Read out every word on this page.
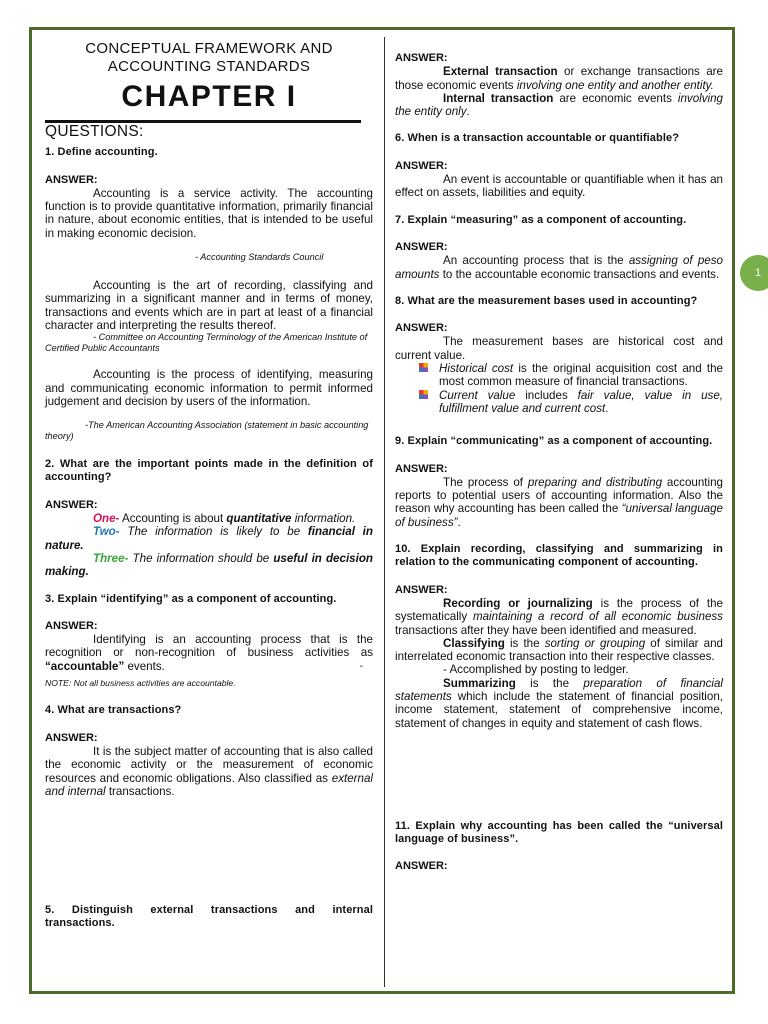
1
CONCEPTUAL FRAMEWORK AND
ACCOUNTING STANDARDS
CHAPTER I
QUESTIONS:

1. Define accounting.

ANSWER:

Accounting is a service activity. The accounting function is to provide quantitative information, primarily financial in nature, about economic entities, that is intended to be useful in making economic decision.

- Accounting Standards Council

Accounting is the art of recording, classifying and summarizing in a significant manner and in terms of money, transactions and events which are in part at least of a financial character and interpreting the results thereof.

- Committee on Accounting Terminology of the American Institute of Certified Public Accountants

Accounting is the process of identifying, measuring and communicating economic information to permit informed judgement and decision by users of the information.

-The American Accounting Association (statement in basic accounting theory)

2. What are the important points made in the definition of accounting?

ANSWER:

One- Accounting is about quantitative information.

Two- The information is likely to be financial in nature.

Three- The information should be useful in decision making.

3. Explain “identifying” as a component of accounting.

ANSWER:

Identifying is an accounting process that is the recognition or non-recognition of business activities as “accountable” events.	-

NOTE: Not all business activities are accountable.

4. What are transactions?

ANSWER:

It is the subject matter of accounting that is also called the economic activity or the measurement of economic resources and economic obligations. Also classified as external and internal transactions.

5. Distinguish external transactions and internal transactions.

ANSWER:

External transaction or exchange transactions are those economic events involving one entity and another entity.

Internal transaction are economic events involving the entity only.

6. When is a transaction accountable or quantifiable?

ANSWER:

An event is accountable or quantifiable when it has an effect on assets, liabilities and equity.

7. Explain “measuring” as a component of accounting.

ANSWER:

An accounting process that is the assigning of peso amounts to the accountable economic transactions and events.

8. What are the measurement bases used in accounting?

ANSWER:

The measurement bases are historical cost and current value.

Historical cost is the original acquisition cost and the most common measure of financial transactions.
Current value includes fair value, value in use, fulfillment value and current cost.

9. Explain “communicating” as a component of accounting.

ANSWER:

The process of preparing and distributing accounting reports to potential users of accounting information. Also the reason why accounting has been called the “universal language of business”.

10. Explain recording, classifying and summarizing in relation to the communicating component of accounting.

ANSWER:

Recording or journalizing is the process of the systematically maintaining a record of all economic business transactions after they have been identified and measured.

Classifying is the sorting or grouping of similar and interrelated economic transaction into their respective classes.

- Accomplished by posting to ledger.

Summarizing is the preparation of financial statements which include the statement of financial position, income statement, statement of comprehensive income, statement of changes in equity and statement of cash flows.

11. Explain why accounting has been called the “universal language of business”.

ANSWER:
